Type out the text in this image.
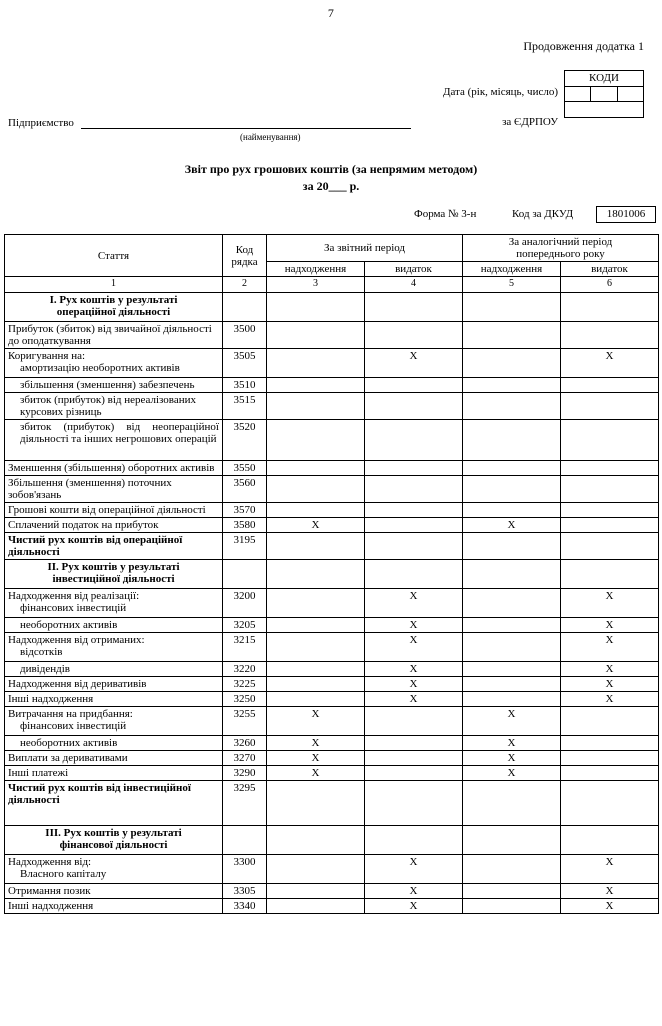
7
Продовження додатка 1
КОДИ
Дата (рік, місяць, число)
за ЄДРПОУ
Підприємство
(найменування)
Звіт про рух грошових коштів (за непрямим методом)
за 20___ р.
Форма № 3-н	Код за ДКУД	1801006
Стаття	Код
рядка
	За звітний період	За аналогічний період
попереднього року

		надходження	видаток	надходження	видаток
1	2	3	4	5	6

I. Рух коштів у результаті
операційної діяльності					

Прибуток (збиток) від звичайної діяльності до оподаткування	3500				

Коригування на:
амортизацію необоротних активів	3505		X		X

збільшення (зменшення) забезпечень	3510				

збиток (прибуток) від нереалізованих курсових різниць	3515				

збиток (прибуток) від неопераційної діяльності та інших негрошових операцій	3520				

Зменшення (збільшення) оборотних активів	3550				

Збільшення (зменшення) поточних зобов'язань	3560				

Грошові кошти від операційної діяльності	3570				

Сплачений податок на прибуток	3580	X		X	

Чистий рух коштів від операційної діяльності	3195				

II. Рух коштів у результаті
інвестиційної діяльності					

Надходження від реалізації:
фінансових інвестицій	3200		X		X

необоротних активів	3205		X		X

Надходження від отриманих:
відсотків	3215		X		X

дивідендів	3220		X		X

Надходження від деривативів	3225		X		X

Інші надходження	3250		X		X

Витрачання на придбання:
фінансових інвестицій	3255	X		X	

необоротних активів	3260	X		X	

Виплати за деривативами	3270	X		X	

Інші платежі	3290	X		X	

Чистий рух коштів від інвестиційної діяльності	3295				

III. Рух коштів у результаті
фінансової діяльності					

Надходження від:
Власного капіталу	3300		X		X

Отримання позик	3305		X		X

Інші надходження	3340		X		X
